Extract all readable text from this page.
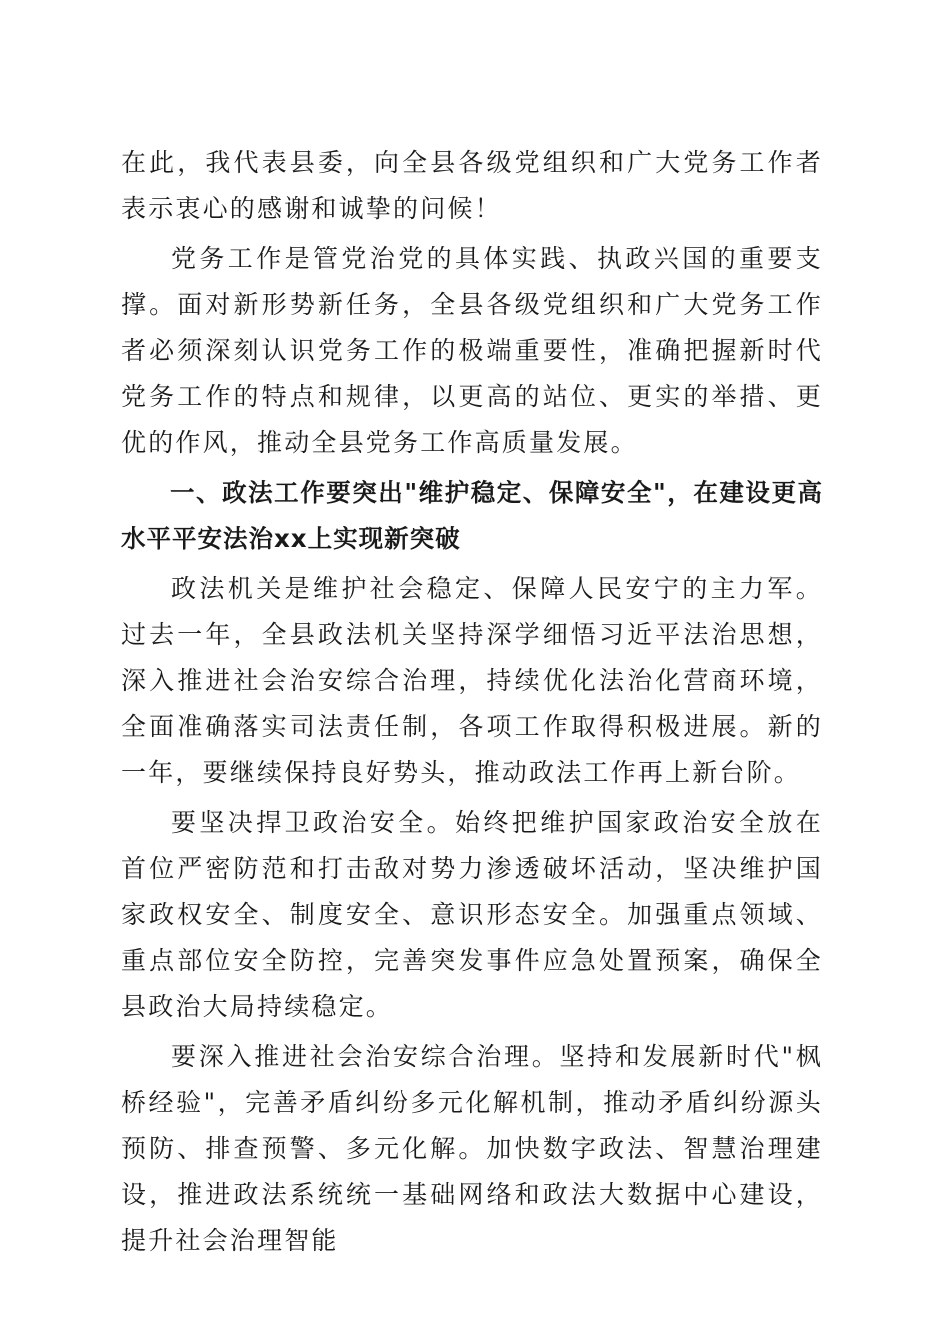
在此，我代表县委，向全县各级党组织和广大党务工作者表示衷心的感谢和诚挚的问候！

党务工作是管党治党的具体实践、执政兴国的重要支撑。面对新形势新任务，全县各级党组织和广大党务工作者必须深刻认识党务工作的极端重要性，准确把握新时代党务工作的特点和规律，以更高的站位、更实的举措、更优的作风，推动全县党务工作高质量发展。

一、政法工作要突出"维护稳定、保障安全"，在建设更高水平平安法治xx上实现新突破

政法机关是维护社会稳定、保障人民安宁的主力军。过去一年，全县政法机关坚持深学细悟习近平法治思想，深入推进社会治安综合治理，持续优化法治化营商环境，全面准确落实司法责任制，各项工作取得积极进展。新的一年，要继续保持良好势头，推动政法工作再上新台阶。

要坚决捍卫政治安全。始终把维护国家政治安全放在首位严密防范和打击敌对势力渗透破坏活动，坚决维护国家政权安全、制度安全、意识形态安全。加强重点领域、重点部位安全防控，完善突发事件应急处置预案，确保全县政治大局持续稳定。

要深入推进社会治安综合治理。坚持和发展新时代"枫桥经验"，完善矛盾纠纷多元化解机制，推动矛盾纠纷源头预防、排查预警、多元化解。加快数字政法、智慧治理建设，推进政法系统统一基础网络和政法大数据中心建设，提升社会治理智能
